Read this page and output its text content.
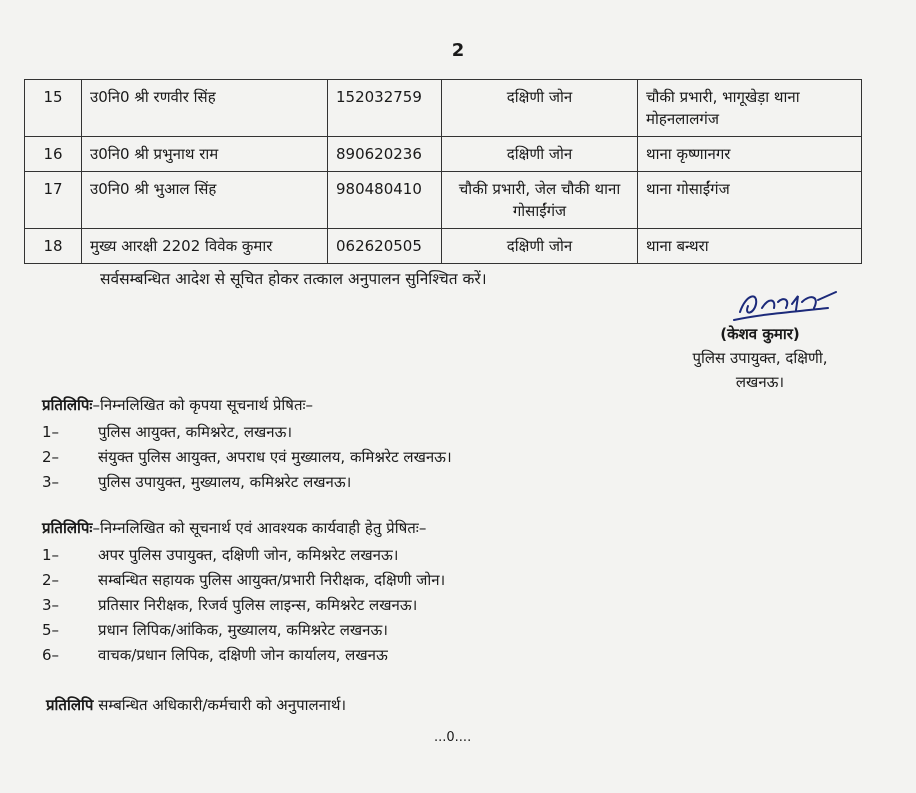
2
15	उ0नि0 श्री रणवीर सिंह	152032759	दक्षिणी जोन	चौकी प्रभारी, भागूखेड़ा थाना मोहनलालगंज
16	उ0नि0 श्री प्रभुनाथ राम	890620236	दक्षिणी जोन	थाना कृष्णानगर
17	उ0नि0 श्री भुआल सिंह	980480410	चौकी प्रभारी, जेल चौकी थाना गोसाईंगंज	थाना गोसाईंगंज
18	मुख्य आरक्षी 2202 विवेक कुमार	062620505	दक्षिणी जोन	थाना बन्थरा
सर्वसम्बन्धित आदेश से सूचित होकर तत्काल अनुपालन सुनिश्चित करें।
(केशव कुमार)
पुलिस उपायुक्त, दक्षिणी,
लखनऊ।
प्रतिलिपिः–निम्नलिखित को कृपया सूचनार्थ प्रेषितः–
1–	पुलिस आयुक्त, कमिश्नरेट, लखनऊ।
2–	संयुक्त पुलिस आयुक्त, अपराध एवं मुख्यालय, कमिश्नरेट लखनऊ।
3–	पुलिस उपायुक्त, मुख्यालय, कमिश्नरेट लखनऊ।
प्रतिलिपिः–निम्नलिखित को सूचनार्थ एवं आवश्यक कार्यवाही हेतु प्रेषितः–
1–	अपर पुलिस उपायुक्त, दक्षिणी जोन, कमिश्नरेट लखनऊ।
2–	सम्बन्धित सहायक पुलिस आयुक्त/प्रभारी निरीक्षक, दक्षिणी जोन।
3–	प्रतिसार निरीक्षक, रिजर्व पुलिस लाइन्स, कमिश्नरेट लखनऊ।
5–	प्रधान लिपिक/आंकिक, मुख्यालय, कमिश्नरेट लखनऊ।
6–	वाचक/प्रधान लिपिक, दक्षिणी जोन कार्यालय, लखनऊ
प्रतिलिपि सम्बन्धित अधिकारी/कर्मचारी को अनुपालनार्थ।
...0....
